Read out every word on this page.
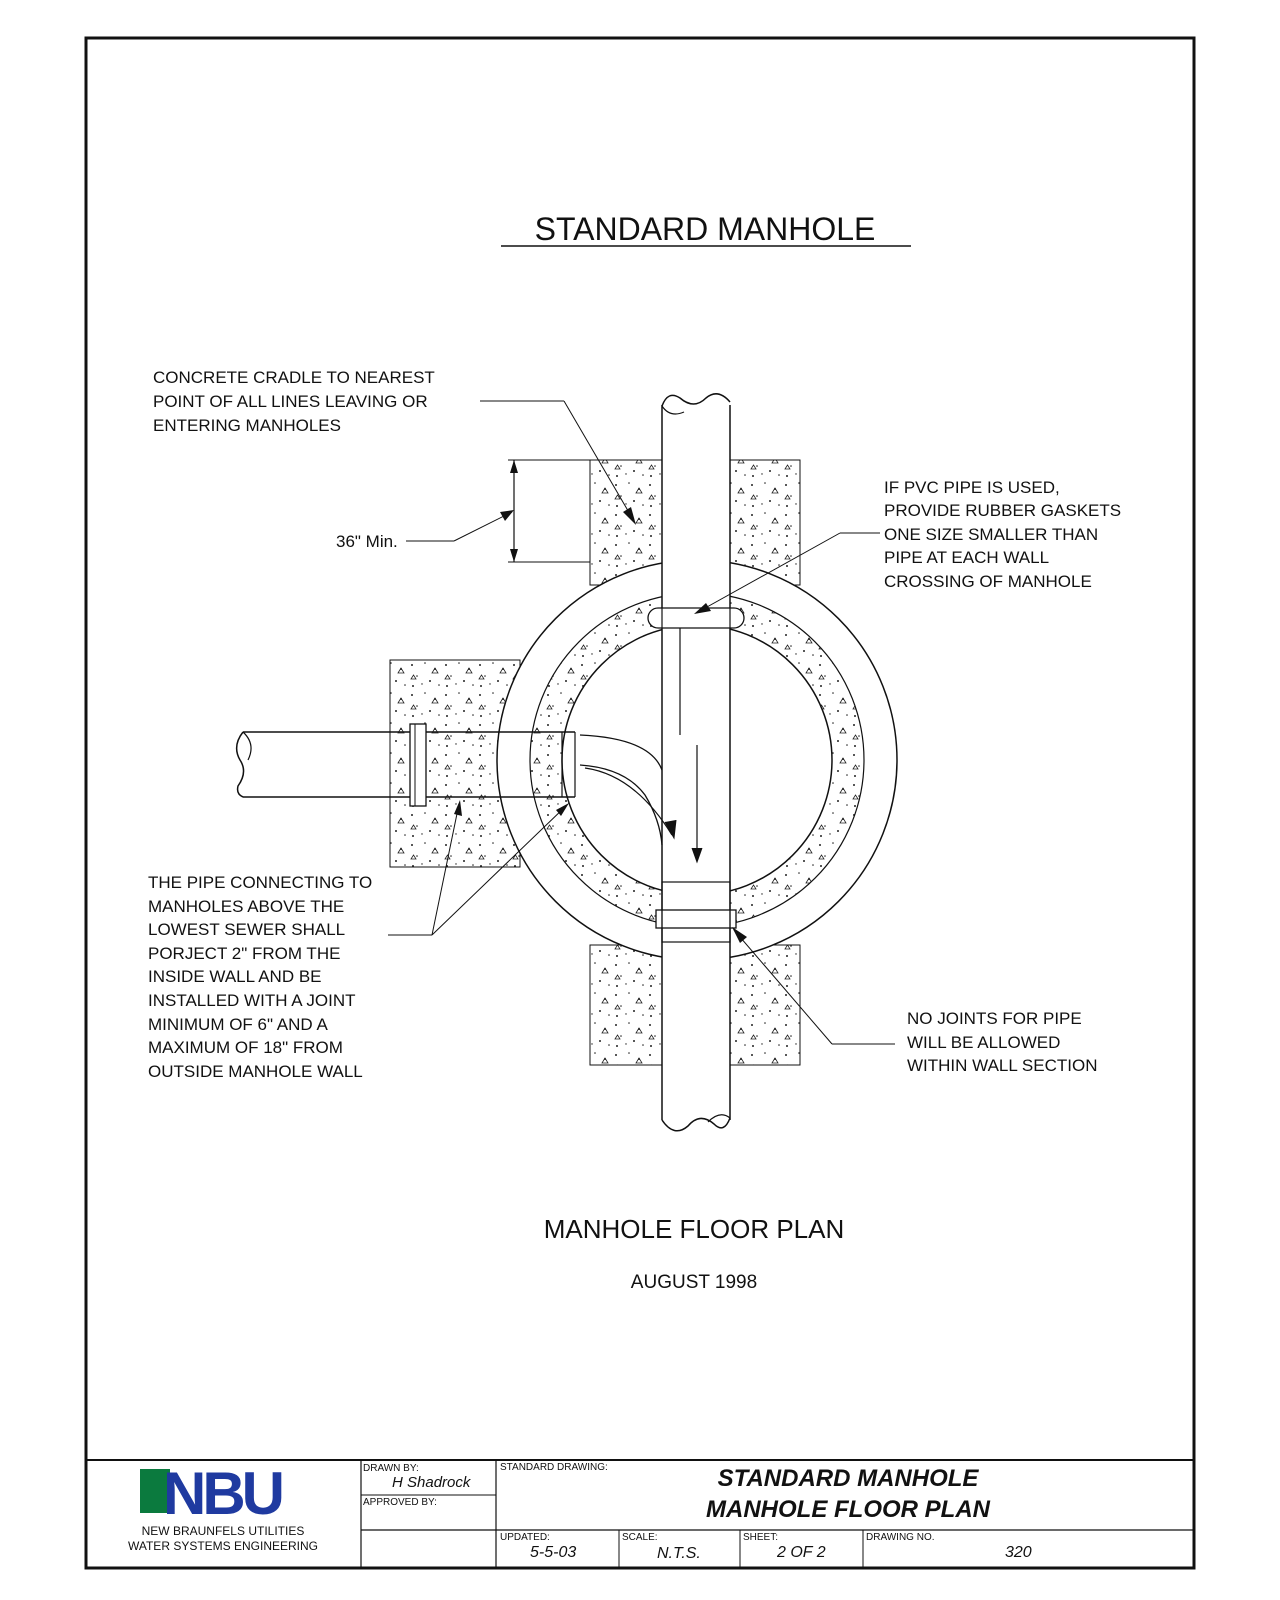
STANDARD MANHOLE
36" Min.
CONCRETE CRADLE TO NEAREST POINT OF ALL LINES LEAVING OR ENTERING MANHOLES
IF PVC PIPE IS USED, PROVIDE RUBBER GASKETS ONE SIZE SMALLER THAN PIPE AT EACH WALL CROSSING OF MANHOLE
THE PIPE CONNECTING TO MANHOLES ABOVE THE LOWEST SEWER SHALL PORJECT 2" FROM THE INSIDE WALL AND BE INSTALLED WITH A JOINT MINIMUM OF 6" AND A MAXIMUM OF 18" FROM OUTSIDE MANHOLE WALL
NO JOINTS FOR PIPE WILL BE ALLOWED WITHIN WALL SECTION
MANHOLE FLOOR PLAN
AUGUST 1998
NBU
NEW BRAUNFELS UTILITIES
WATER SYSTEMS ENGINEERING
DRAWN BY:
H Shadrock
APPROVED BY:
STANDARD DRAWING:	STANDARD MANHOLE
MANHOLE FLOOR PLAN
UPDATED:
5-5-03
SCALE:
N.T.S.
SHEET:
2 OF 2
DRAWING NO.
320
